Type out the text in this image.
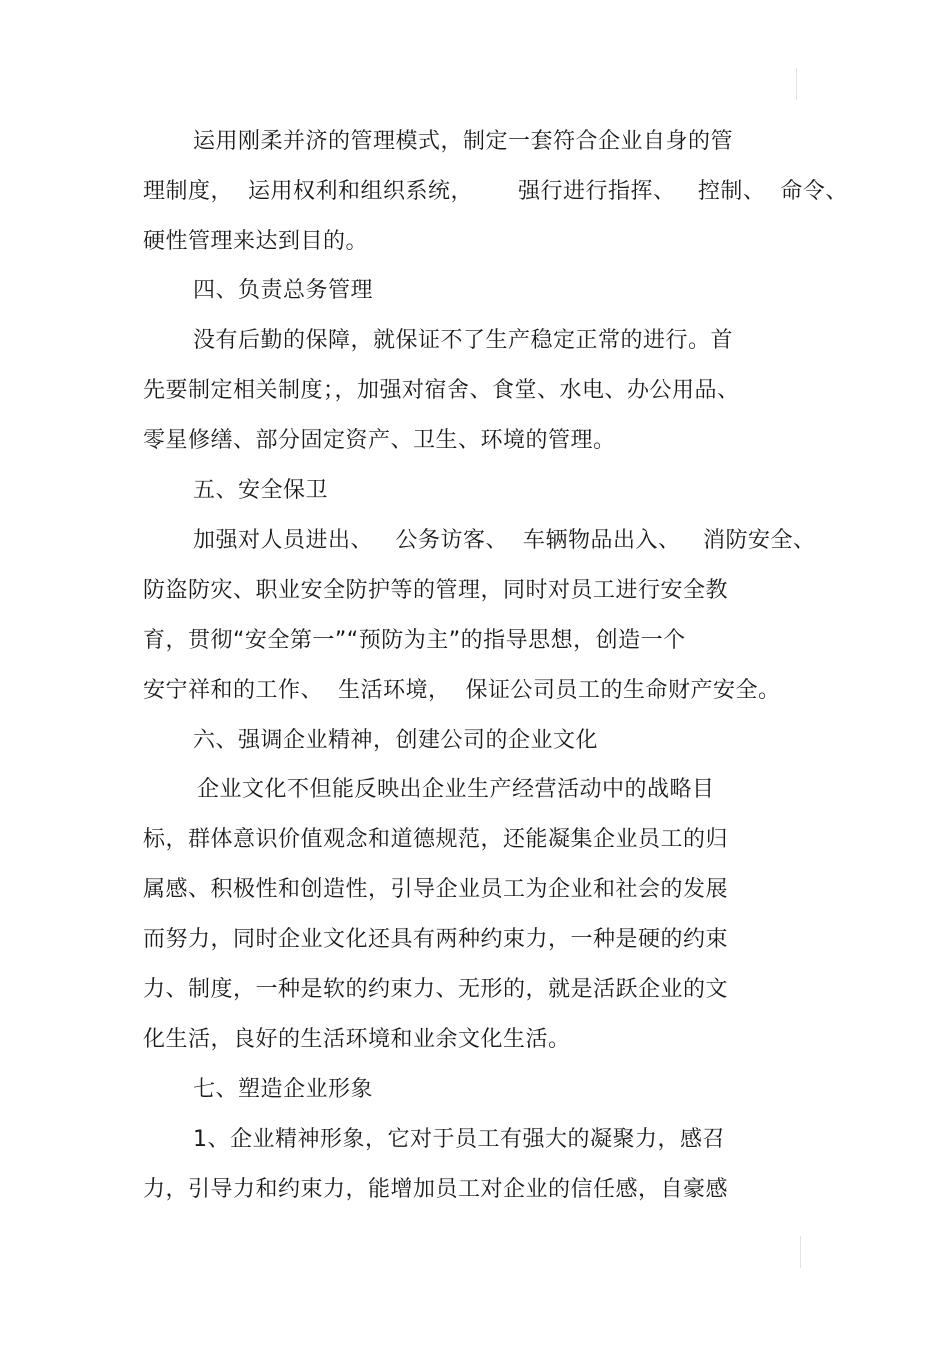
运用刚柔并济的管理模式，制定一套符合企业自身的管
理制度，  运用权利和组织系统，      强行进行指挥、   控制、  命令、
硬性管理来达到目的。
四、负责总务管理
没有后勤的保障，就保证不了生产稳定正常的进行。首
先要制定相关制度；，加强对宿舍、食堂、水电、办公用品、
零星修缮、部分固定资产、卫生、环境的管理。
五、安全保卫
加强对人员进出、   公务访客、  车辆物品出入、   消防安全、
防盗防灾、职业安全防护等的管理，同时对员工进行安全教
育，贯彻“安全第一”“预防为主”的指导思想，创造一个
安宁祥和的工作、  生活环境，  保证公司员工的生命财产安全。
六、强调企业精神，创建公司的企业文化
企业文化不但能反映出企业生产经营活动中的战略目
标，群体意识价值观念和道德规范，还能凝集企业员工的归
属感、积极性和创造性，引导企业员工为企业和社会的发展
而努力，同时企业文化还具有两种约束力，一种是硬的约束
力、制度，一种是软的约束力、无形的，就是活跃企业的文
化生活，良好的生活环境和业余文化生活。
七、塑造企业形象
1、企业精神形象，它对于员工有强大的凝聚力，感召
力，引导力和约束力，能增加员工对企业的信任感，自豪感
